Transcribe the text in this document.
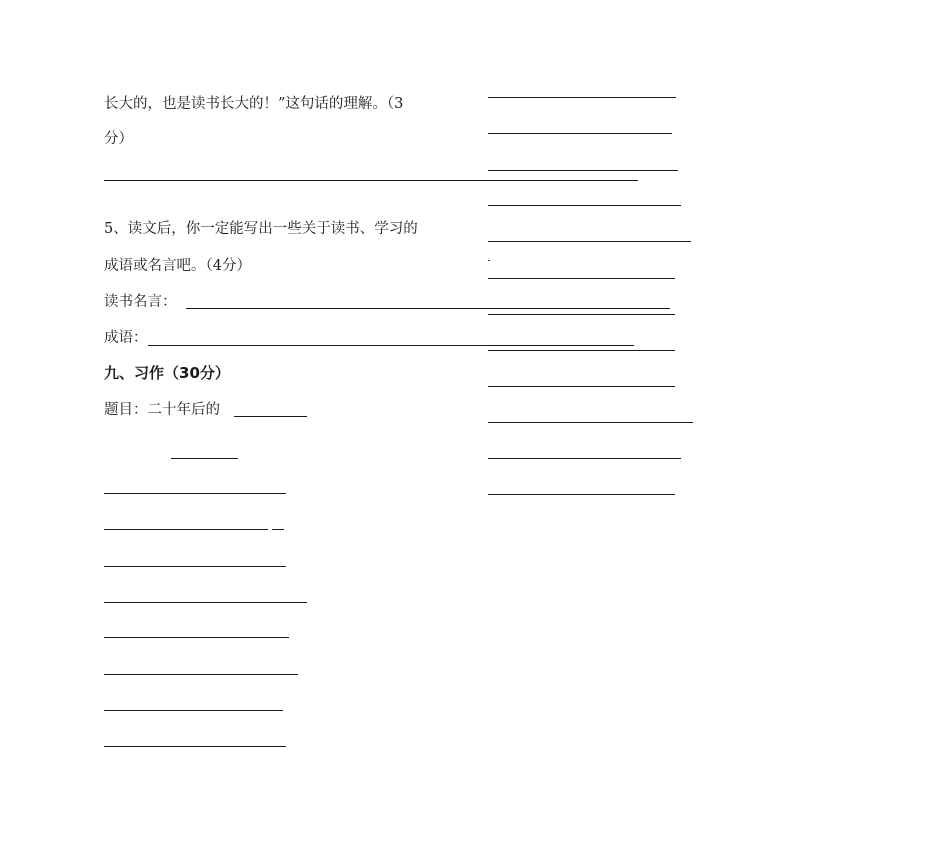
长大的，也是读书长大的！”这句话的理解。（3
分）
5、读文后，你一定能写出一些关于读书、学习的
成语或名言吧。（4分）
读书名言：
成语：
九、习作（30分）
题目：二十年后的
